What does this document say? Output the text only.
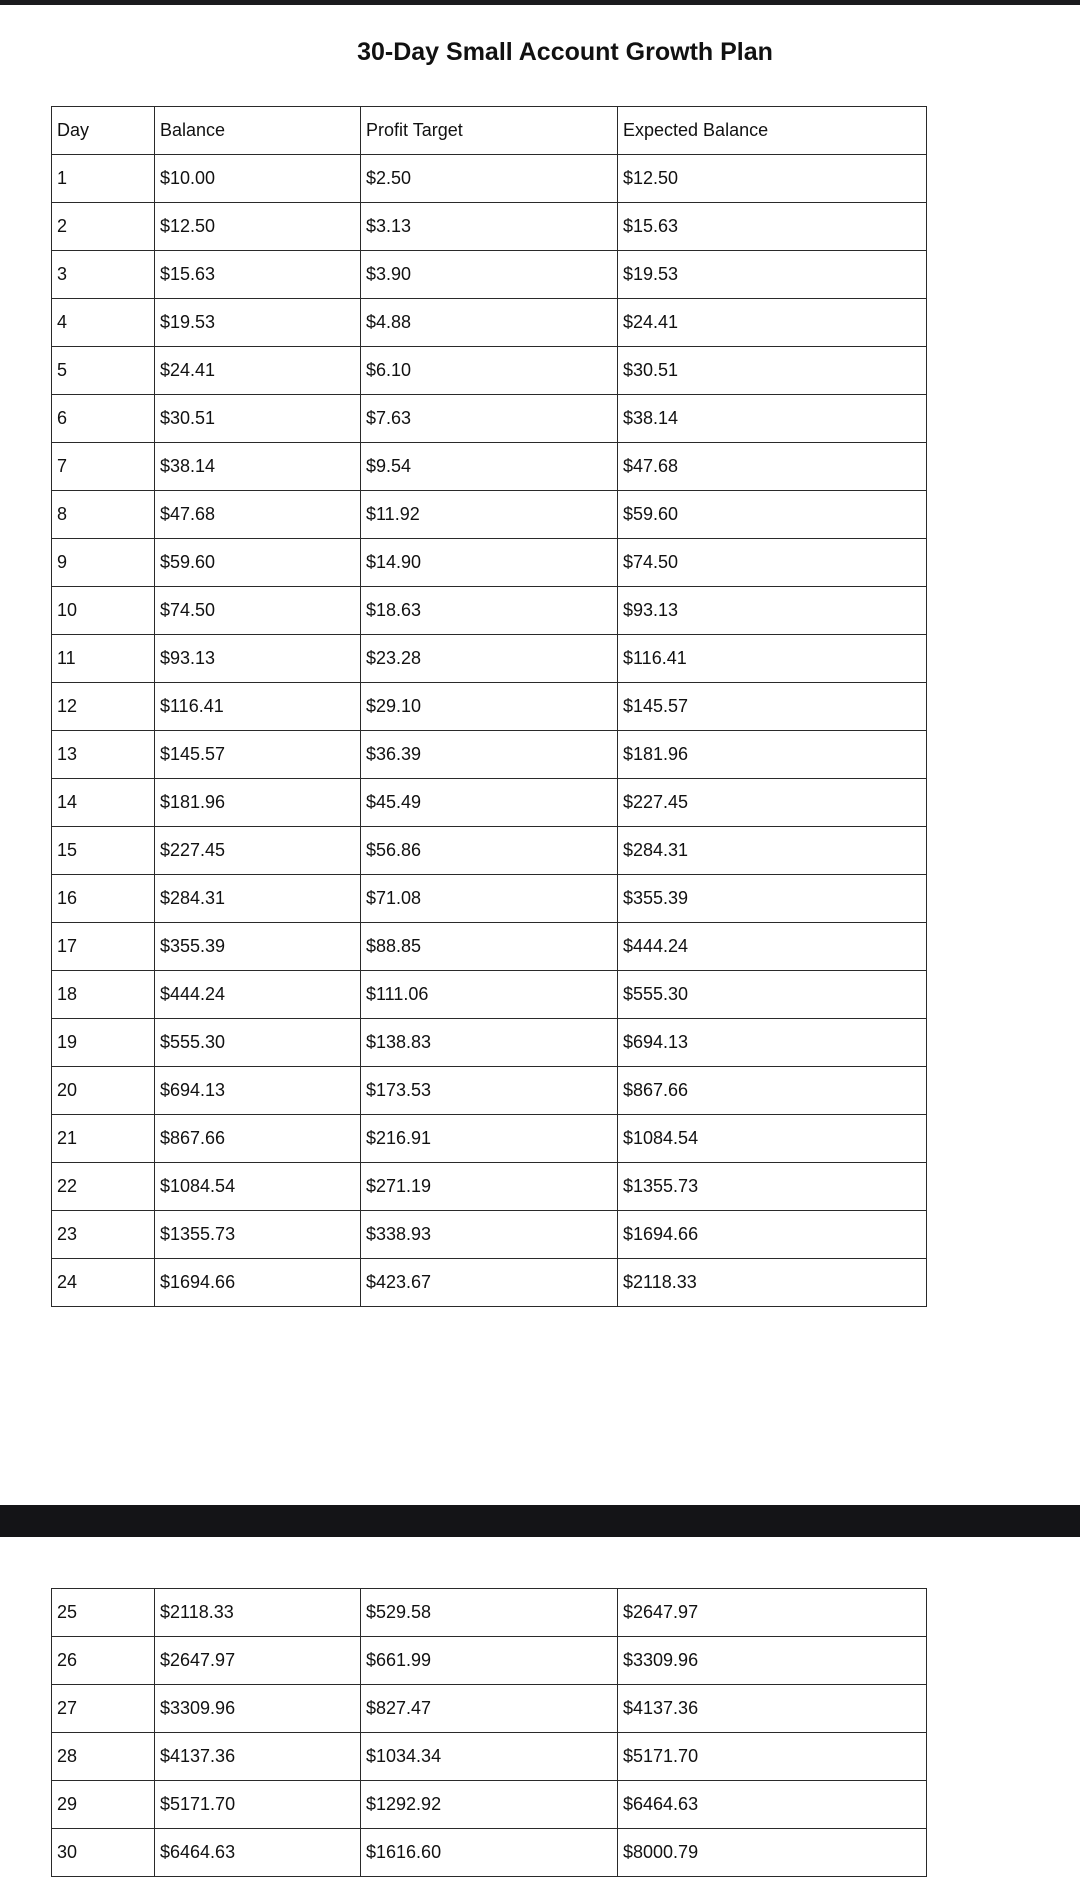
30-Day Small Account Growth Plan
Day	Balance	Profit Target	Expected Balance
1	$10.00	$2.50	$12.50
2	$12.50	$3.13	$15.63
3	$15.63	$3.90	$19.53
4	$19.53	$4.88	$24.41
5	$24.41	$6.10	$30.51
6	$30.51	$7.63	$38.14
7	$38.14	$9.54	$47.68
8	$47.68	$11.92	$59.60
9	$59.60	$14.90	$74.50
10	$74.50	$18.63	$93.13
11	$93.13	$23.28	$116.41
12	$116.41	$29.10	$145.57
13	$145.57	$36.39	$181.96
14	$181.96	$45.49	$227.45
15	$227.45	$56.86	$284.31
16	$284.31	$71.08	$355.39
17	$355.39	$88.85	$444.24
18	$444.24	$111.06	$555.30
19	$555.30	$138.83	$694.13
20	$694.13	$173.53	$867.66
21	$867.66	$216.91	$1084.54
22	$1084.54	$271.19	$1355.73
23	$1355.73	$338.93	$1694.66
24	$1694.66	$423.67	$2118.33
25	$2118.33	$529.58	$2647.97
26	$2647.97	$661.99	$3309.96
27	$3309.96	$827.47	$4137.36
28	$4137.36	$1034.34	$5171.70
29	$5171.70	$1292.92	$6464.63
30	$6464.63	$1616.60	$8000.79
